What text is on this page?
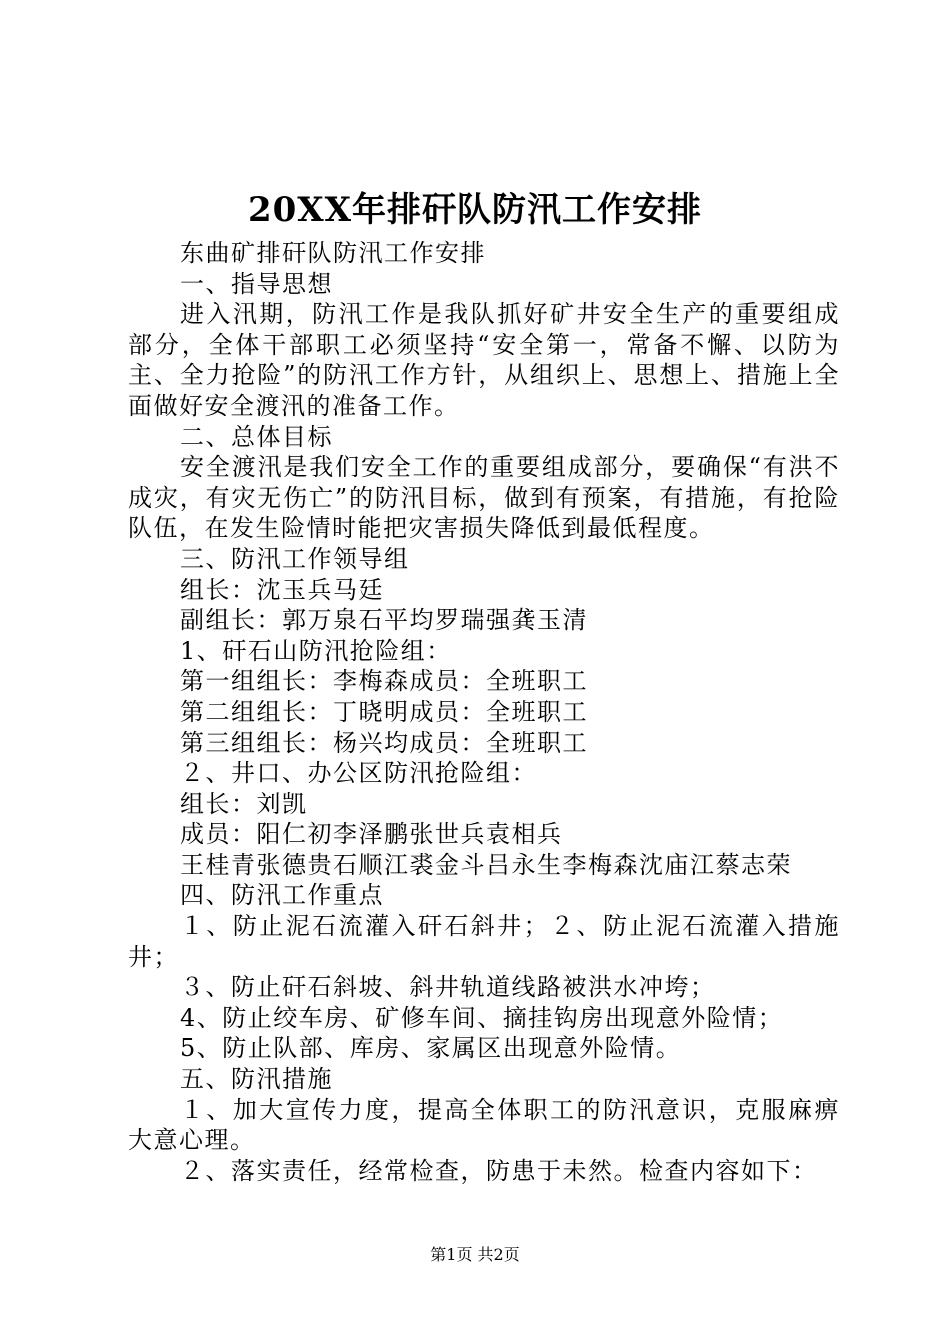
20XX年排矸队防汛工作安排
东曲矿排矸队防汛工作安排
一、指导思想
进入汛期，防汛工作是我队抓好矿井安全生产的重要组成部分，全体干部职工必须坚持“安全第一，常备不懈、以防为主、全力抢险”的防汛工作方针，从组织上、思想上、措施上全面做好安全渡汛的准备工作。
二、总体目标
安全渡汛是我们安全工作的重要组成部分，要确保“有洪不成灾，有灾无伤亡”的防汛目标，做到有预案，有措施，有抢险队伍，在发生险情时能把灾害损失降低到最低程度。
三、防汛工作领导组
组长：沈玉兵马廷
副组长：郭万泉石平均罗瑞强龚玉清
1、矸石山防汛抢险组：
第一组组长：李梅森成员：全班职工
第二组组长：丁晓明成员：全班职工
第三组组长：杨兴均成员：全班职工
２、井口、办公区防汛抢险组：
组长：刘凯
成员：阳仁初李泽鹏张世兵袁相兵
王桂青张德贵石顺江裘金斗吕永生李梅森沈庙江蔡志荣
四、防汛工作重点
１、防止泥石流灌入矸石斜井；２、防止泥石流灌入措施井；
３、防止矸石斜坡、斜井轨道线路被洪水冲垮；
4、防止绞车房、矿修车间、摘挂钩房出现意外险情；
5、防止队部、库房、家属区出现意外险情。
五、防汛措施
１、加大宣传力度，提高全体职工的防汛意识，克服麻痹大意心理。
２、落实责任，经常检查，防患于未然。检查内容如下：
第1页 共2页
